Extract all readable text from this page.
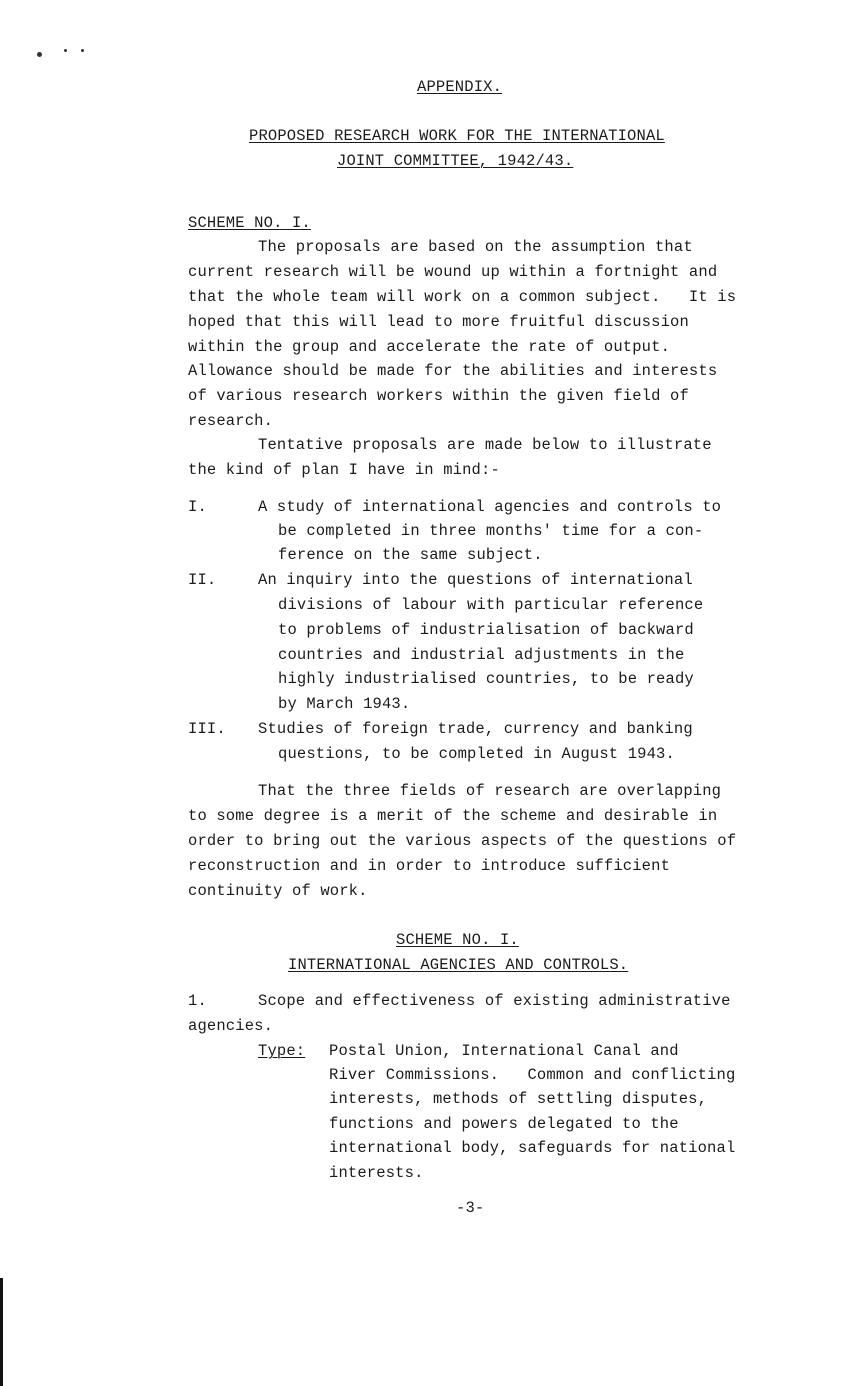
APPENDIX.
PROPOSED RESEARCH WORK FOR THE INTERNATIONAL
JOINT COMMITTEE, 1942/43.
SCHEME NO. I.
The proposals are based on the assumption that
current research will be wound up within a fortnight and
that the whole team will work on a common subject.   It is
hoped that this will lead to more fruitful discussion
within the group and accelerate the rate of output.
Allowance should be made for the abilities and interests
of various research workers within the given field of
research.
Tentative proposals are made below to illustrate
the kind of plan I have in mind:-
I.	A study of international agencies and controls to
be completed in three months' time for a con-
ference on the same subject.
II.	An inquiry into the questions of international
divisions of labour with particular reference
to problems of industrialisation of backward
countries and industrial adjustments in the
highly industrialised countries, to be ready
by March 1943.
III. Studies of foreign trade, currency and banking
questions, to be completed in August 1943.
That the three fields of research are overlapping
to some degree is a merit of the scheme and desirable in
order to bring out the various aspects of the questions of
reconstruction and in order to introduce sufficient
continuity of work.
SCHEME NO. I.
INTERNATIONAL AGENCIES AND CONTROLS.
1.	Scope and effectiveness of existing administrative
agencies.
Type: Postal Union, International Canal and
River Commissions.   Common and conflicting
interests, methods of settling disputes,
functions and powers delegated to the
international body, safeguards for national
interests.
-3-
